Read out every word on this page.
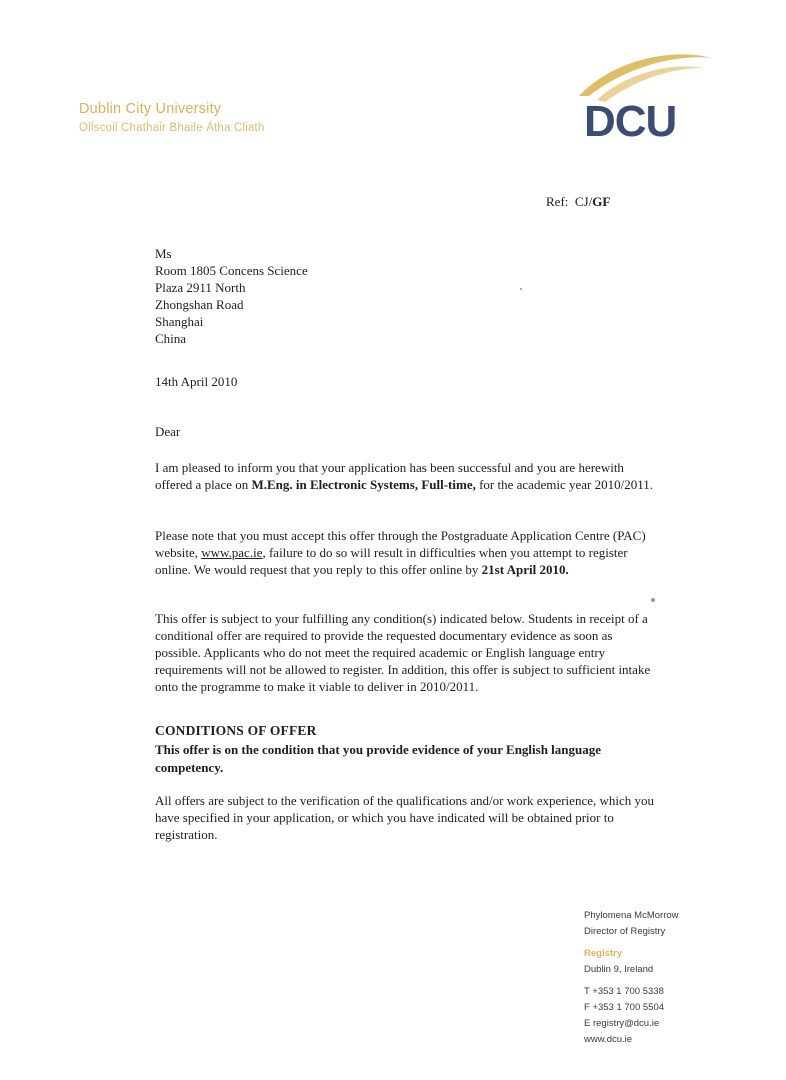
Dublin City University
Ollscoil Chathair Bhaile Átha Cliath	DCU
Ref: CJ/GF
Ms
Room 1805 Concens Science
Plaza 2911 North
Zhongshan Road
Shanghai
China
14th April 2010
Dear

I am pleased to inform you that your application has been successful and you are herewith offered a place on M.Eng. in Electronic Systems, Full-time, for the academic year 2010/2011.

Please note that you must accept this offer through the Postgraduate Application Centre (PAC) website, www.pac.ie, failure to do so will result in difficulties when you attempt to register online. We would request that you reply to this offer online by 21st April 2010.

This offer is subject to your fulfilling any condition(s) indicated below. Students in receipt of a conditional offer are required to provide the requested documentary evidence as soon as possible. Applicants who do not meet the required academic or English language entry requirements will not be allowed to register. In addition, this offer is subject to sufficient intake onto the programme to make it viable to deliver in 2010/2011.

CONDITIONS OF OFFER

This offer is on the condition that you provide evidence of your English language competency.

All offers are subject to the verification of the qualifications and/or work experience, which you have specified in your application, or which you have indicated will be obtained prior to registration.

Phylomena McMorrow
Director of Registry
Registry
Dublin 9, Ireland
T +353 1 700 5338
F +353 1 700 5504
E registry@dcu.ie
www.dcu.ie
